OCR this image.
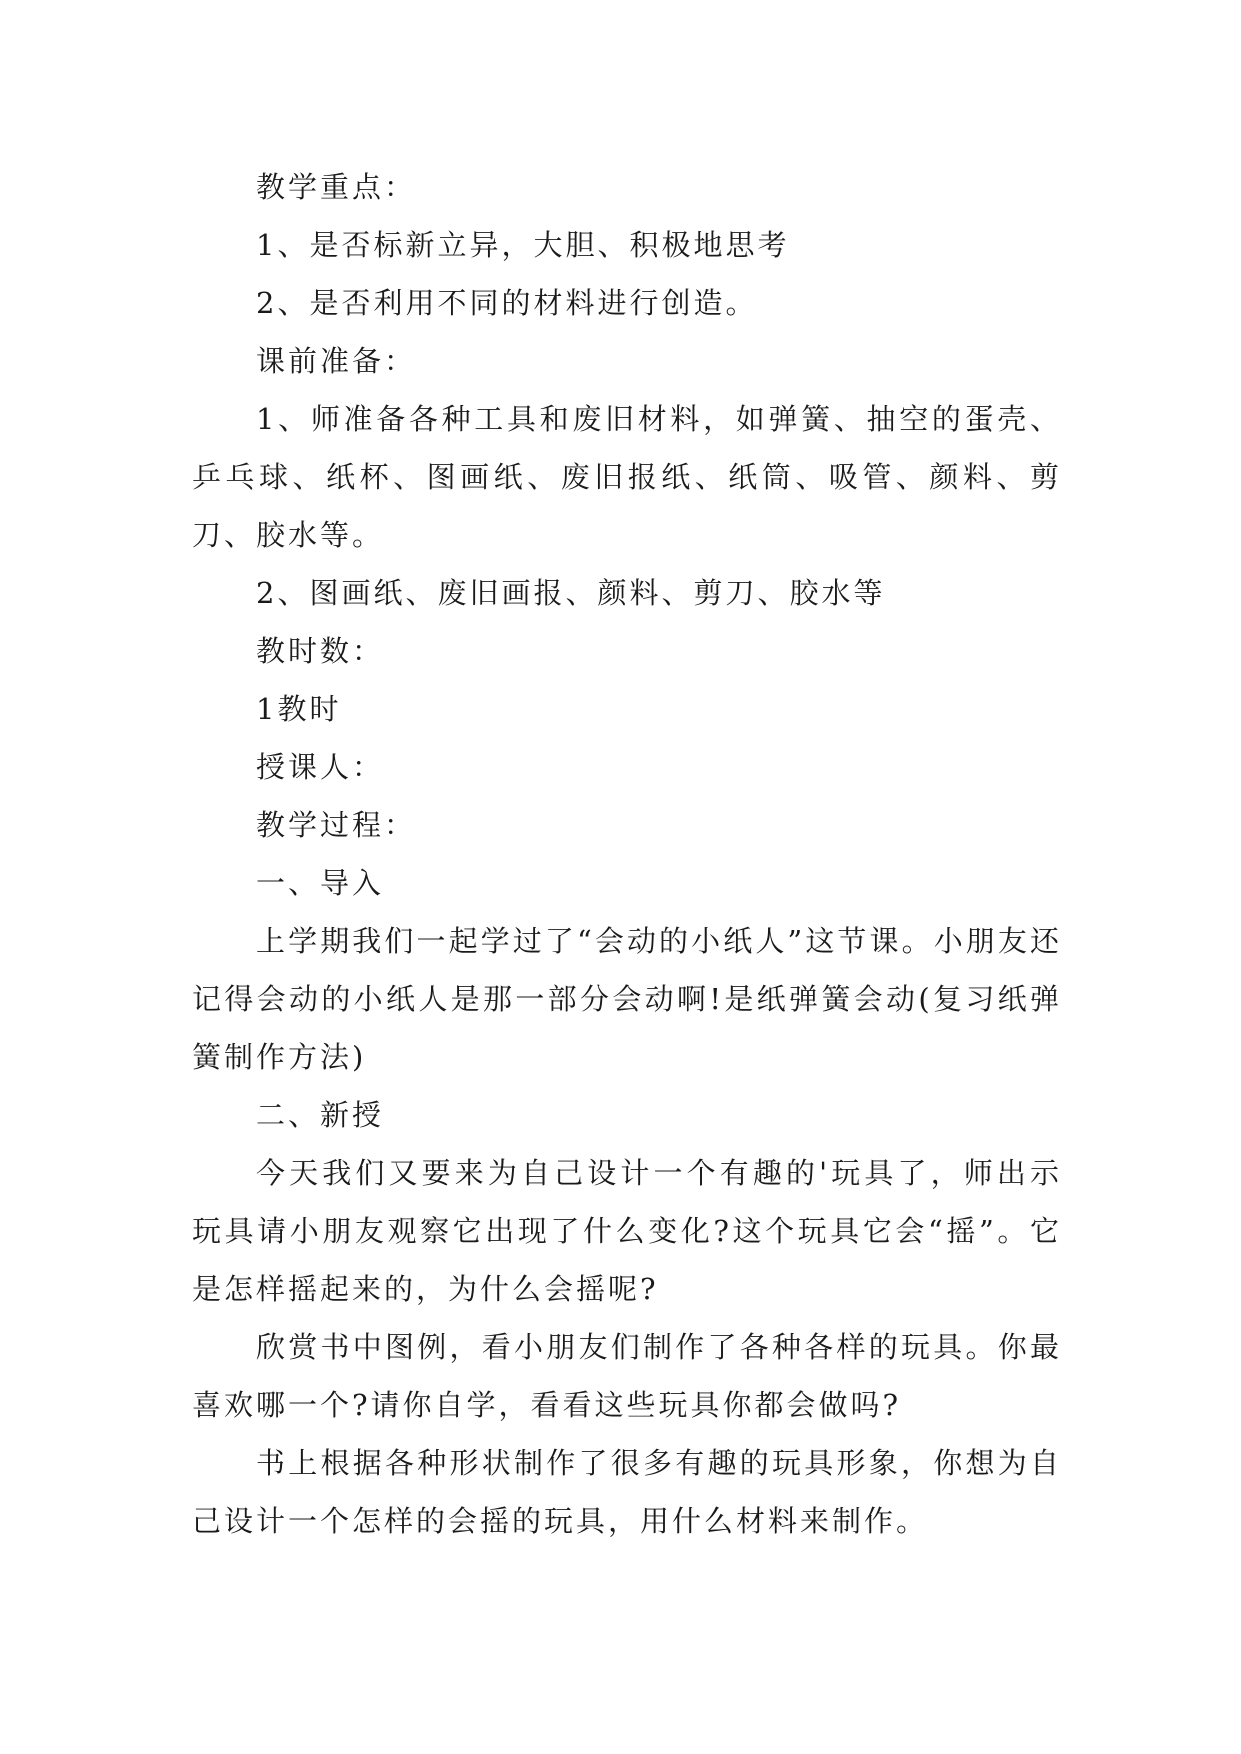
教学重点：

1、是否标新立异，大胆、积极地思考

2、是否利用不同的材料进行创造。

课前准备：

1、师准备各种工具和废旧材料，如弹簧、抽空的蛋壳、乒乓球、纸杯、图画纸、废旧报纸、纸筒、吸管、颜料、剪刀、胶水等。

2、图画纸、废旧画报、颜料、剪刀、胶水等

教时数：

1教时

授课人：

教学过程：

一、导入

上学期我们一起学过了“会动的小纸人”这节课。小朋友还记得会动的小纸人是那一部分会动啊!是纸弹簧会动(复习纸弹簧制作方法)

二、新授

今天我们又要来为自己设计一个有趣的'玩具了，师出示玩具请小朋友观察它出现了什么变化?这个玩具它会“摇”。它是怎样摇起来的，为什么会摇呢?

欣赏书中图例，看小朋友们制作了各种各样的玩具。你最喜欢哪一个?请你自学，看看这些玩具你都会做吗?

书上根据各种形状制作了很多有趣的玩具形象，你想为自己设计一个怎样的会摇的玩具，用什么材料来制作。
